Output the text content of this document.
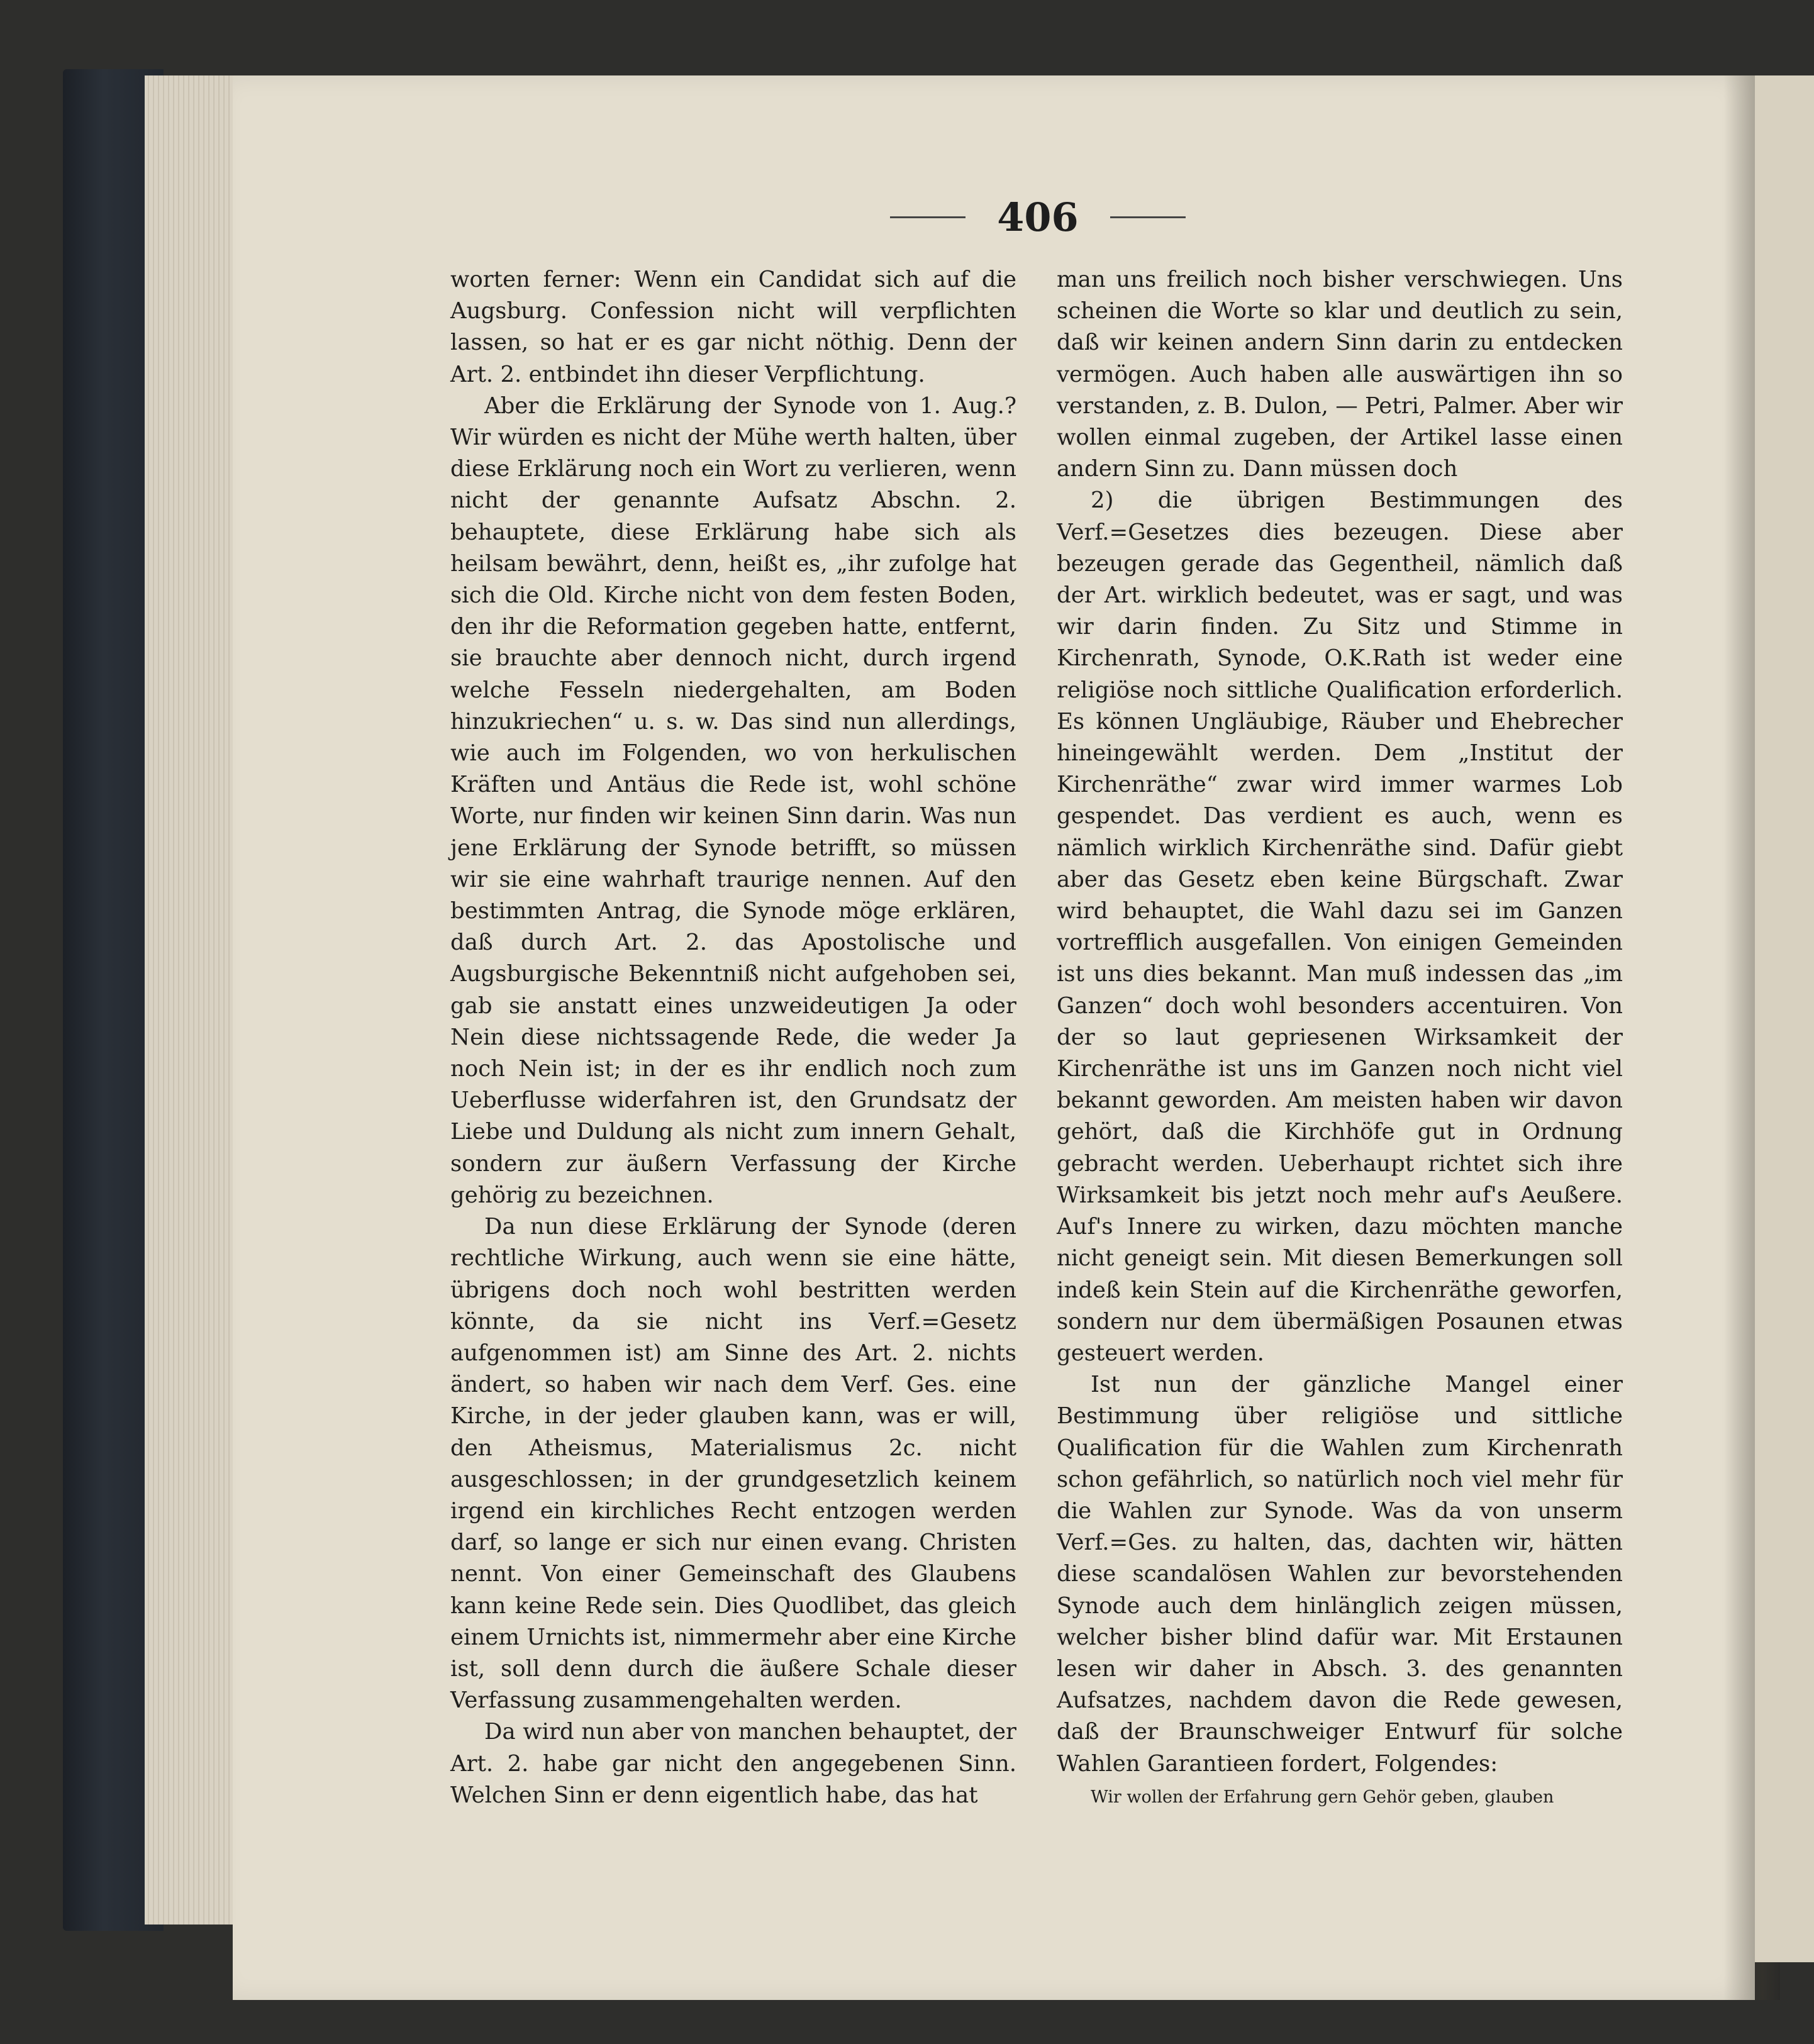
406

worten ferner: Wenn ein Candidat sich auf die Augsburg. Confession nicht will verpflichten lassen, so hat er es gar nicht nöthig. Denn der Art. 2. entbindet ihn dieser Verpflichtung.

Aber die Erklärung der Synode von 1. Aug.? Wir würden es nicht der Mühe werth halten, über diese Erklärung noch ein Wort zu verlieren, wenn nicht der genannte Aufsatz Abschn. 2. behauptete, diese Erklärung habe sich als heilsam bewährt, denn, heißt es, „ihr zufolge hat sich die Old. Kirche nicht von dem festen Boden, den ihr die Reformation gegeben hatte, entfernt, sie brauchte aber dennoch nicht, durch irgend welche Fesseln niedergehalten, am Boden hinzukriechen“ u. s. w. Das sind nun allerdings, wie auch im Folgenden, wo von herkulischen Kräften und Antäus die Rede ist, wohl schöne Worte, nur finden wir keinen Sinn darin. Was nun jene Erklärung der Synode betrifft, so müssen wir sie eine wahrhaft traurige nennen. Auf den bestimmten Antrag, die Synode möge erklären, daß durch Art. 2. das Apostolische und Augsburgische Bekenntniß nicht aufgehoben sei, gab sie anstatt eines unzweideutigen Ja oder Nein diese nichtssagende Rede, die weder Ja noch Nein ist; in der es ihr endlich noch zum Ueberflusse widerfahren ist, den Grundsatz der Liebe und Duldung als nicht zum innern Gehalt, sondern zur äußern Verfassung der Kirche gehörig zu bezeichnen.

Da nun diese Erklärung der Synode (deren rechtliche Wirkung, auch wenn sie eine hätte, übrigens doch noch wohl bestritten werden könnte, da sie nicht ins Verf.=Gesetz aufgenommen ist) am Sinne des Art. 2. nichts ändert, so haben wir nach dem Verf. Ges. eine Kirche, in der jeder glauben kann, was er will, den Atheismus, Materialismus 2c. nicht ausgeschlossen; in der grundgesetzlich keinem irgend ein kirchliches Recht entzogen werden darf, so lange er sich nur einen evang. Christen nennt. Von einer Gemeinschaft des Glaubens kann keine Rede sein. Dies Quodlibet, das gleich einem Urnichts ist, nimmermehr aber eine Kirche ist, soll denn durch die äußere Schale dieser Verfassung zusammengehalten werden.

Da wird nun aber von manchen behauptet, der Art. 2. habe gar nicht den angegebenen Sinn. Welchen Sinn er denn eigentlich habe, das hat

man uns freilich noch bisher verschwiegen. Uns scheinen die Worte so klar und deutlich zu sein, daß wir keinen andern Sinn darin zu entdecken vermögen. Auch haben alle auswärtigen ihn so verstanden, z. B. Dulon, — Petri, Palmer. Aber wir wollen einmal zugeben, der Artikel lasse einen andern Sinn zu. Dann müssen doch

2) die übrigen Bestimmungen des Verf.=Gesetzes dies bezeugen. Diese aber bezeugen gerade das Gegentheil, nämlich daß der Art. wirklich bedeutet, was er sagt, und was wir darin finden. Zu Sitz und Stimme in Kirchenrath, Synode, O.K.Rath ist weder eine religiöse noch sittliche Qualification erforderlich. Es können Ungläubige, Räuber und Ehebrecher hineingewählt werden. Dem „Institut der Kirchenräthe“ zwar wird immer warmes Lob gespendet. Das verdient es auch, wenn es nämlich wirklich Kirchenräthe sind. Dafür giebt aber das Gesetz eben keine Bürgschaft. Zwar wird behauptet, die Wahl dazu sei im Ganzen vortrefflich ausgefallen. Von einigen Gemeinden ist uns dies bekannt. Man muß indessen das „im Ganzen“ doch wohl besonders accentuiren. Von der so laut gepriesenen Wirksamkeit der Kirchenräthe ist uns im Ganzen noch nicht viel bekannt geworden. Am meisten haben wir davon gehört, daß die Kirchhöfe gut in Ordnung gebracht werden. Ueberhaupt richtet sich ihre Wirksamkeit bis jetzt noch mehr auf's Aeußere. Auf's Innere zu wirken, dazu möchten manche nicht geneigt sein. Mit diesen Bemerkungen soll indeß kein Stein auf die Kirchenräthe geworfen, sondern nur dem übermäßigen Posaunen etwas gesteuert werden.

Ist nun der gänzliche Mangel einer Bestimmung über religiöse und sittliche Qualification für die Wahlen zum Kirchenrath schon gefährlich, so natürlich noch viel mehr für die Wahlen zur Synode. Was da von unserm Verf.=Ges. zu halten, das, dachten wir, hätten diese scandalösen Wahlen zur bevorstehenden Synode auch dem hinlänglich zeigen müssen, welcher bisher blind dafür war. Mit Erstaunen lesen wir daher in Absch. 3. des genannten Aufsatzes, nachdem davon die Rede gewesen, daß der Braunschweiger Entwurf für solche Wahlen Garantieen fordert, Folgendes:

Wir wollen der Erfahrung gern Gehör geben, glauben
